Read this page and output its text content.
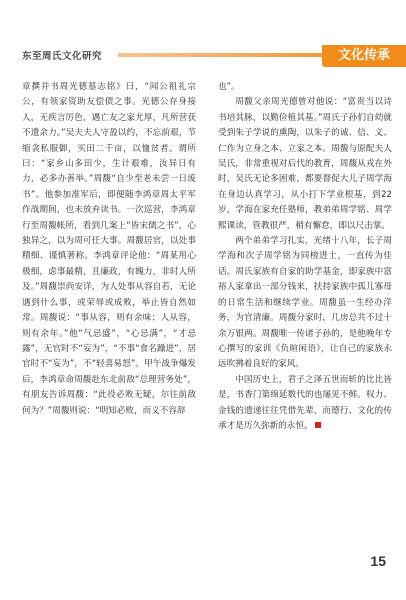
东至周氏文化研究	文化传承

章撰并书周光德墓志铭》曰，“闻公祖礼宗公，有领家资助友偿债之事。光德公存身接人，无疾言厉色，遇亡友之家尤厚，凡所营获不遗余力。”吴夫夫人守盈以约，不忘前艰，节缩衾私服御，买田二千亩，以恤贫者。谓所曰：“家乡山多田少，生计艰难，汝异日有力，必多办善举。”周馥“自少至老未尝一日废书”。他参加准军后，即便随李鸿章周太平军作战期间，也未放弃读书。一次巡营，李鸿章行至周馥帐所，看到几案上“皆宋儒之书”，心独异之，以为周可任大事。周馥居官，以处事精细、谨慎著称。李鸿章评论他：“周某用心极细，虑事最精，且廉政，有魄力，非时人所及。”周馥崇尚安详，为人处事从容自若，无论遇到什么事，或荣辱或成败，举止皆自然如常。周馥说：“事从容，则有余味；人从容，则有余年。”他“气忌盛”，“心忌满”，“才忌露”，无官时不“妄为”，“不事“食名躁进”，居官时不“妄为”，不“轻喜易怒”。甲午战争爆发后，李鸿章命周馥赴东北前敌“总理营务处”，有朋友告诉周馥：“此役必败无疑，尔往前敌何为？”周馥则说：“明知必败，而义不容辞

也”。

周馥父亲周光德曾对他说：“富贵当以诗书培其脉，以勤俭植其基。”周氏子孙们自幼就受到朱子学说的熏陶，以朱子的诚、信、义、仁作为立身之本、立家之本。周馥与原配夫人吴氏，非常重视对后代的教育，周馥从戎在外时，吴氏无论多困难，都要督促大儿子周学海在身边认真学习，从小打下学业根基，到22岁，学海在家充任塾师，教弟弟周学铭、周学熙课读，管教很严，稍有懈怠，即以尺击掌。

两个弟弟学习扎实，光绪十八年，长子周学海和次子周学铭为同榜进士，一直传为佳话。周氏家族有自家的助学基金，即家族中富裕人家拿出一部分钱来，扶持家族中孤儿寡母的日常生活和继续学业。周馥虽一生经办洋务，为官清廉。周馥分家时，几房总共不过十余万银两。周馥唯一传诸子孙的，是他晚年专心撰写的家训《负暄闲语》，让自己的家族永远吹拂着良好的家风。

中国历史上，君子之泽五世而斩的比比皆是，书香门第绵延数代的也屡见不鲜。权力、金钱的遗递往往凭借先辈，而德行、文化的传承才是历久弥新的永恒。

15
